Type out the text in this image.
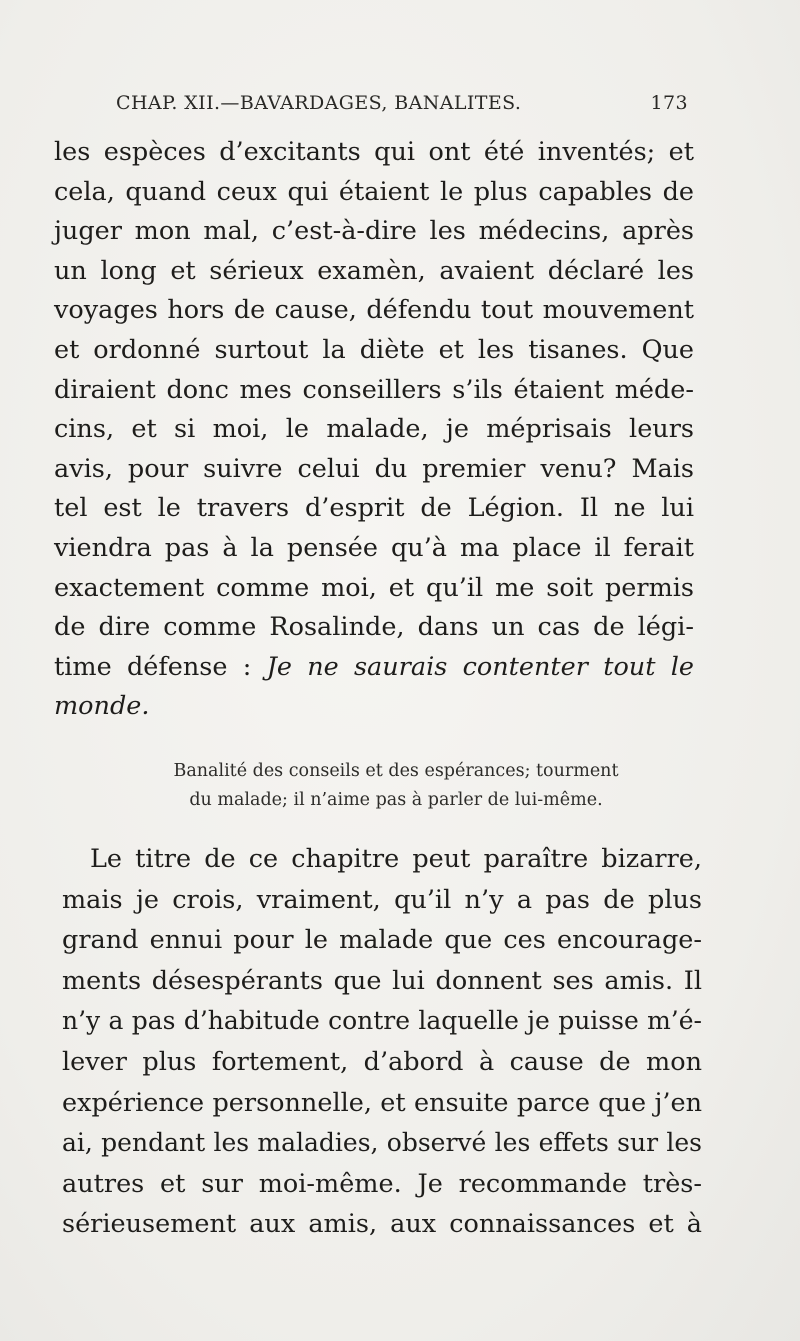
CHAP. XII.—BAVARDAGES, BANALITES.	173
les espèces d’excitants qui ont été inventés; et
cela, quand ceux qui étaient le plus capables de
juger mon mal, c’est-à-dire les médecins, après
un long et sérieux examèn, avaient déclaré les
voyages hors de cause, défendu tout mouvement
et ordonné surtout la diète et les tisanes. Que
diraient donc mes conseillers s’ils étaient méde-
cins, et si moi, le malade, je méprisais leurs
avis, pour suivre celui du premier venu? Mais
tel est le travers d’esprit de Légion. Il ne lui
viendra pas à la pensée qu’à ma place il ferait
exactement comme moi, et qu’il me soit permis
de dire comme Rosalinde, dans un cas de légi-
time défense : Je ne saurais contenter tout le
monde.
Banalité des conseils et des espérances; tourment
du malade; il n’aime pas à parler de lui-même.
Le titre de ce chapitre peut paraître bizarre,
mais je crois, vraiment, qu’il n’y a pas de plus
grand ennui pour le malade que ces encourage-
ments désespérants que lui donnent ses amis. Il
n’y a pas d’habitude contre laquelle je puisse m’é-
lever plus fortement, d’abord à cause de mon
expérience personnelle, et ensuite parce que j’en
ai, pendant les maladies, observé les effets sur les
autres et sur moi-même. Je recommande très-
sérieusement aux amis, aux connaissances et à
